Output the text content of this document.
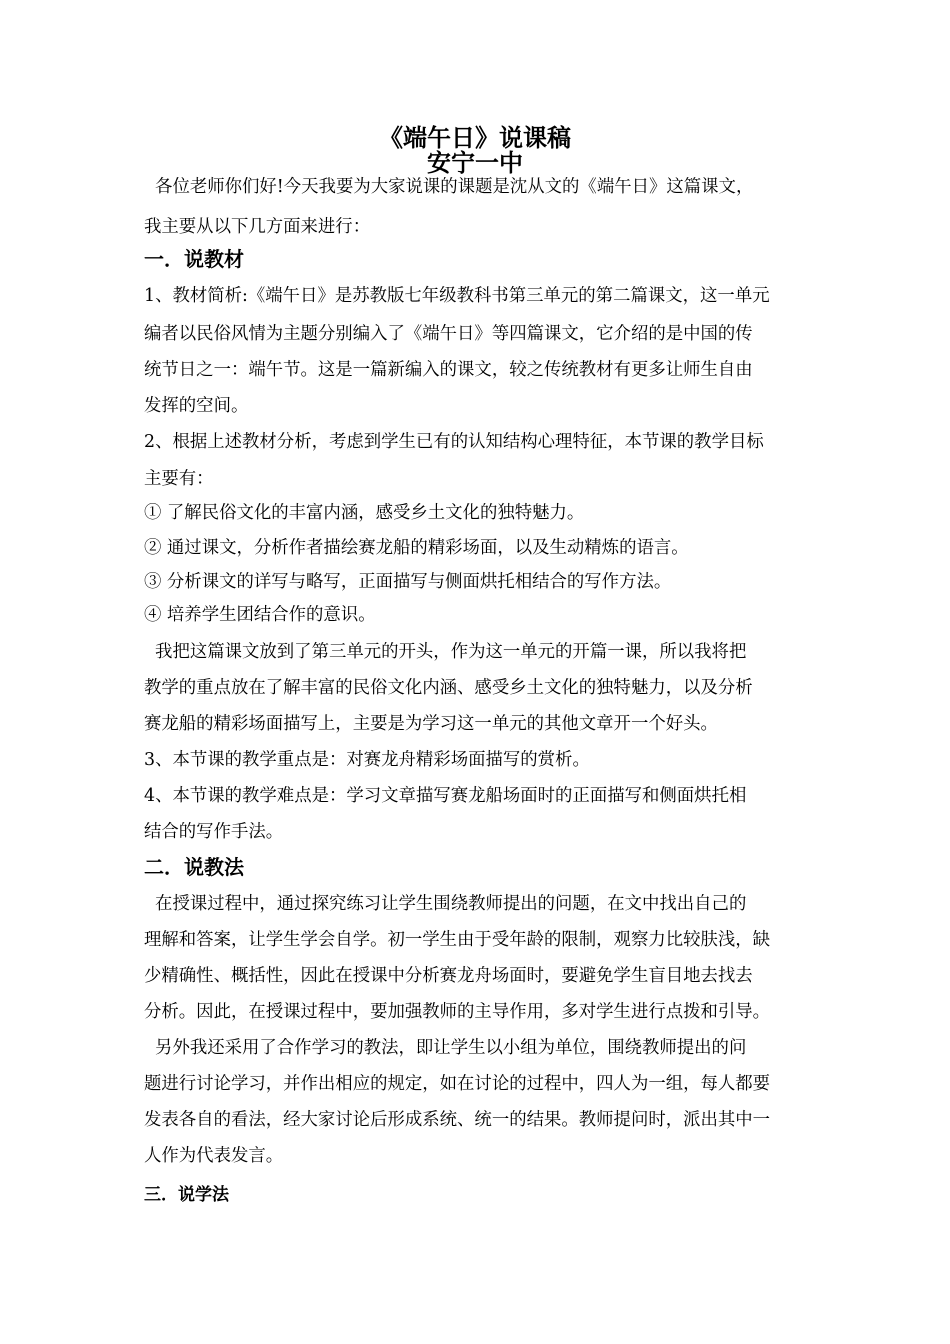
《端午日》说课稿
安宁一中
各位老师你们好!今天我要为大家说课的课题是沈从文的《端午日》这篇课文，
我主要从以下几方面来进行：
一．说教材
1、教材简析:《端午日》是苏教版七年级教科书第三单元的第二篇课文，这一单元
编者以民俗风情为主题分别编入了《端午日》等四篇课文，它介绍的是中国的传
统节日之一：端午节。这是一篇新编入的课文，较之传统教材有更多让师生自由
发挥的空间。
2、根据上述教材分析，考虑到学生已有的认知结构心理特征，本节课的教学目标
主要有：
① 了解民俗文化的丰富内涵，感受乡土文化的独特魅力。
② 通过课文，分析作者描绘赛龙船的精彩场面，以及生动精炼的语言。
③ 分析课文的详写与略写，正面描写与侧面烘托相结合的写作方法。
④ 培养学生团结合作的意识。
我把这篇课文放到了第三单元的开头，作为这一单元的开篇一课，所以我将把
教学的重点放在了解丰富的民俗文化内涵、感受乡土文化的独特魅力，以及分析
赛龙船的精彩场面描写上，主要是为学习这一单元的其他文章开一个好头。
3、本节课的教学重点是：对赛龙舟精彩场面描写的赏析。
4、本节课的教学难点是：学习文章描写赛龙船场面时的正面描写和侧面烘托相
结合的写作手法。
二．说教法
在授课过程中，通过探究练习让学生围绕教师提出的问题，在文中找出自己的
理解和答案，让学生学会自学。初一学生由于受年龄的限制，观察力比较肤浅，缺
少精确性、概括性，因此在授课中分析赛龙舟场面时，要避免学生盲目地去找去
分析。因此，在授课过程中，要加强教师的主导作用，多对学生进行点拨和引导。
另外我还采用了合作学习的教法，即让学生以小组为单位，围绕教师提出的问
题进行讨论学习，并作出相应的规定，如在讨论的过程中，四人为一组，每人都要
发表各自的看法，经大家讨论后形成系统、统一的结果。教师提问时，派出其中一
人作为代表发言。
三．说学法
